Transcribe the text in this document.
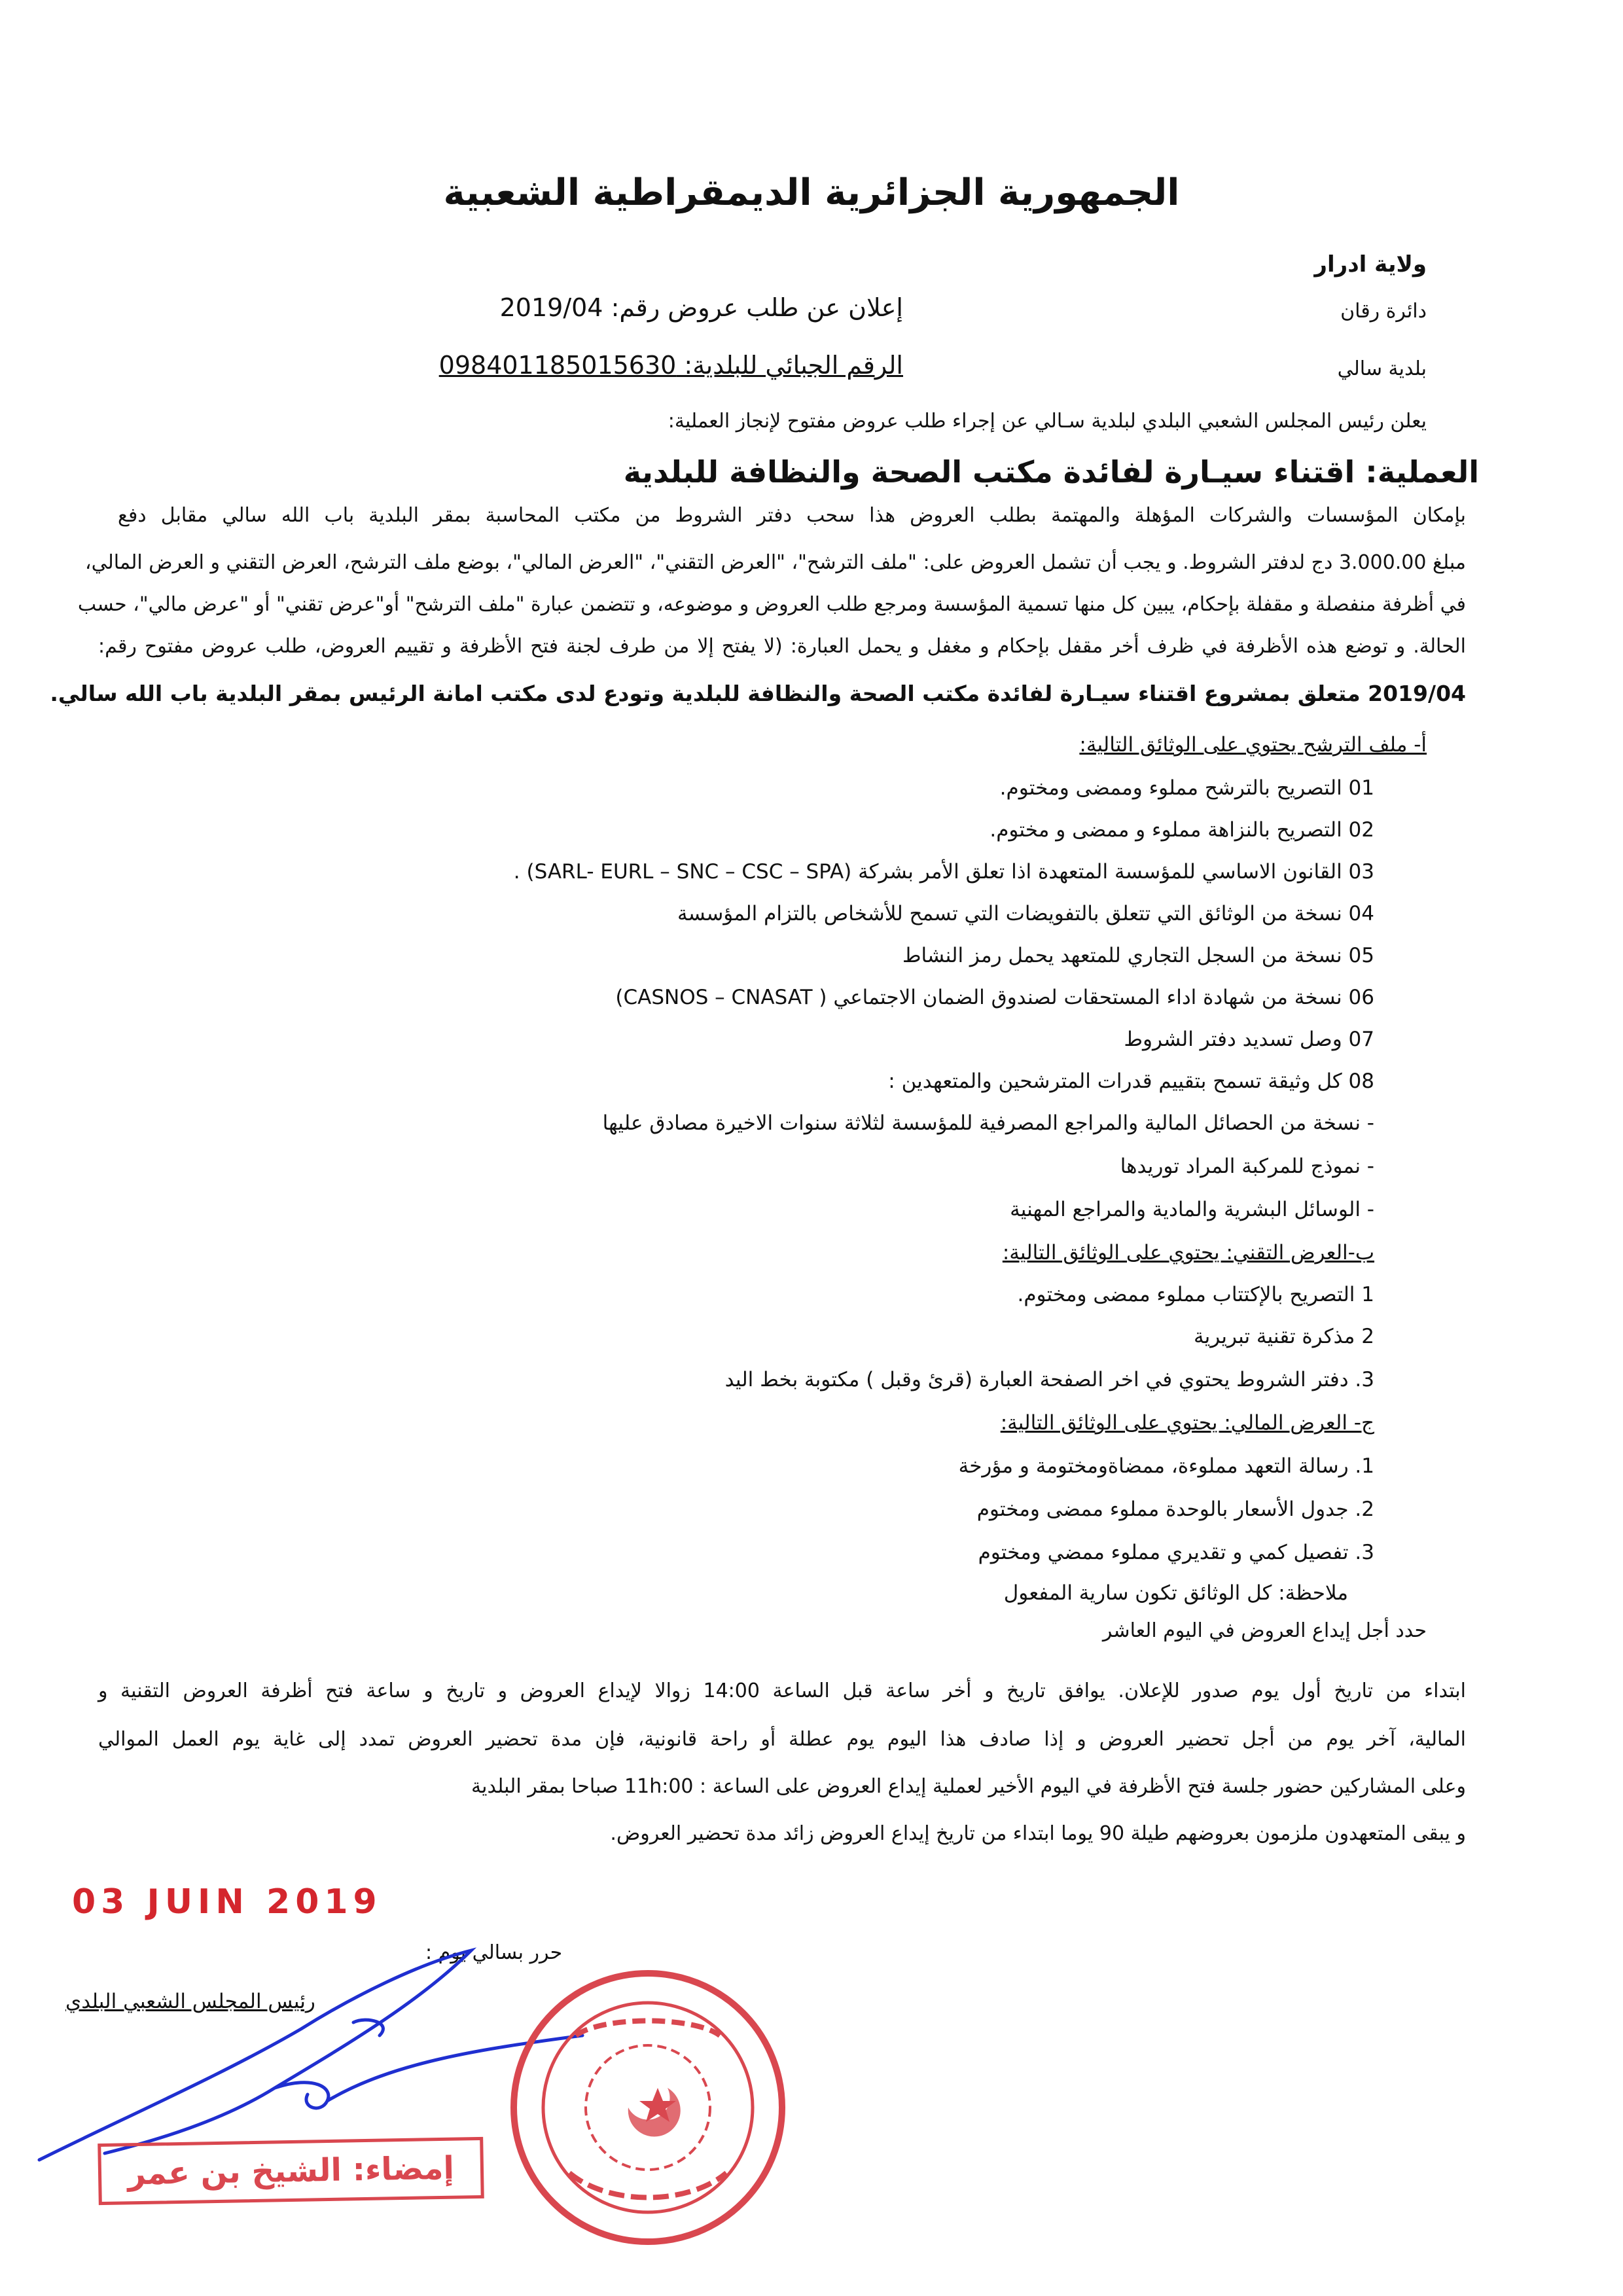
الجمهورية الجزائرية الديمقراطية الشعبية
ولاية ادرار
دائرة رقان
بلدية سالي
إعلان عن طلب عروض رقم: 2019/04
الرقم الجبائي للبلدية: 098401185015630
يعلن رئيس المجلس الشعبي البلدي لبلدية سـالي عن إجراء طلب عروض مفتوح لإنجاز العملية:
العملية: اقتناء سيـارة لفائدة مكتب الصحة والنظافة للبلدية
بإمكان المؤسسات والشركات المؤهلة والمهتمة بطلب العروض هذا سحب دفتر الشروط من مكتب المحاسبة بمقر البلدية باب الله سالي مقابل دفع
مبلغ 3.000.00 دج لدفتر الشروط. و يجب أن تشمل العروض على: "ملف الترشح"، "العرض التقني"، "العرض المالي"، بوضع ملف الترشح، العرض التقني و العرض المالي،
في أظرفة منفصلة و مقفلة بإحكام، يبين كل منها تسمية المؤسسة ومرجع طلب العروض و موضوعه، و تتضمن عبارة "ملف الترشح" أو"عرض تقني" أو "عرض مالي"، حسب
الحالة. و توضع هذه الأظرفة في ظرف أخر مقفل بإحكام و مغفل و يحمل العبارة: (لا يفتح إلا من طرف لجنة فتح الأظرفة و تقييم العروض، طلب عروض مفتوح رقم:
2019/04 متعلق بمشروع اقتناء سيـارة لفائدة مكتب الصحة والنظافة للبلدية وتودع لدى مكتب امانة الرئيس بمقر البلدية باب الله سالي.
أ- ملف الترشح يحتوي على الوثائق التالية:
01 التصريح بالترشح مملوء وممضى ومختوم.
02 التصريح بالنزاهة مملوء و ممضى و مختوم.
03 القانون الاساسي للمؤسسة المتعهدة اذا تعلق الأمر بشركة (SARL- EURL – SNC – CSC – SPA) .
04 نسخة من الوثائق التي تتعلق بالتفويضات التي تسمح للأشخاص بالتزام المؤسسة
05 نسخة من السجل التجاري للمتعهد يحمل رمز النشاط
06 نسخة من شهادة اداء المستحقات لصندوق الضمان الاجتماعي ( CASNOS – CNASAT)
07 وصل تسديد دفتر الشروط
08 كل وثيقة تسمح بتقييم قدرات المترشحين والمتعهدين :
- نسخة من الحصائل المالية والمراجع المصرفية للمؤسسة لثلاثة سنوات الاخيرة مصادق عليها
- نموذج للمركبة المراد توريدها
- الوسائل البشرية والمادية والمراجع المهنية
ب-العرض التقني: يحتوي على الوثائق التالية:
1 التصريح بالإكتتاب مملوء ممضى ومختوم.
2 مذكرة تقنية تبريرية
3. دفتر الشروط يحتوي في اخر الصفحة العبارة (قرئ وقبل ) مكتوبة بخط اليد
ج- العرض المالي: يحتوي على الوثائق التالية:
1. رسالة التعهد مملوءة، ممضاةومختومة و مؤرخة
2. جدول الأسعار بالوحدة مملوء ممضى ومختوم
3. تفصيل كمي و تقديري مملوء ممضي ومختوم
ملاحظة: كل الوثائق تكون سارية المفعول
حدد أجل إيداع العروض في اليوم العاشر
ابتداء من تاريخ أول يوم صدور للإعلان. يوافق تاريخ و أخر ساعة قبل الساعة 14:00 زوالا لإيداع العروض و تاريخ و ساعة فتح أظرفة العروض التقنية و
المالية، آخر يوم من أجل تحضير العروض و إذا صادف هذا اليوم يوم عطلة أو راحة قانونية، فإن مدة تحضير العروض تمدد إلى غاية يوم العمل الموالي
وعلى المشاركين حضور جلسة فتح الأظرفة في اليوم الأخير لعملية إيداع العروض على الساعة : 11h:00 صباحا بمقر البلدية
و يبقى المتعهدون ملزمون بعروضهم طيلة 90 يوما ابتداء من تاريخ إيداع العروض زائد مدة تحضير العروض.
03 JUIN 2019
حرر بسالي يوم :
رئيس المجلس الشعبي البلدي
إمضاء: الشيخ بن عمر
